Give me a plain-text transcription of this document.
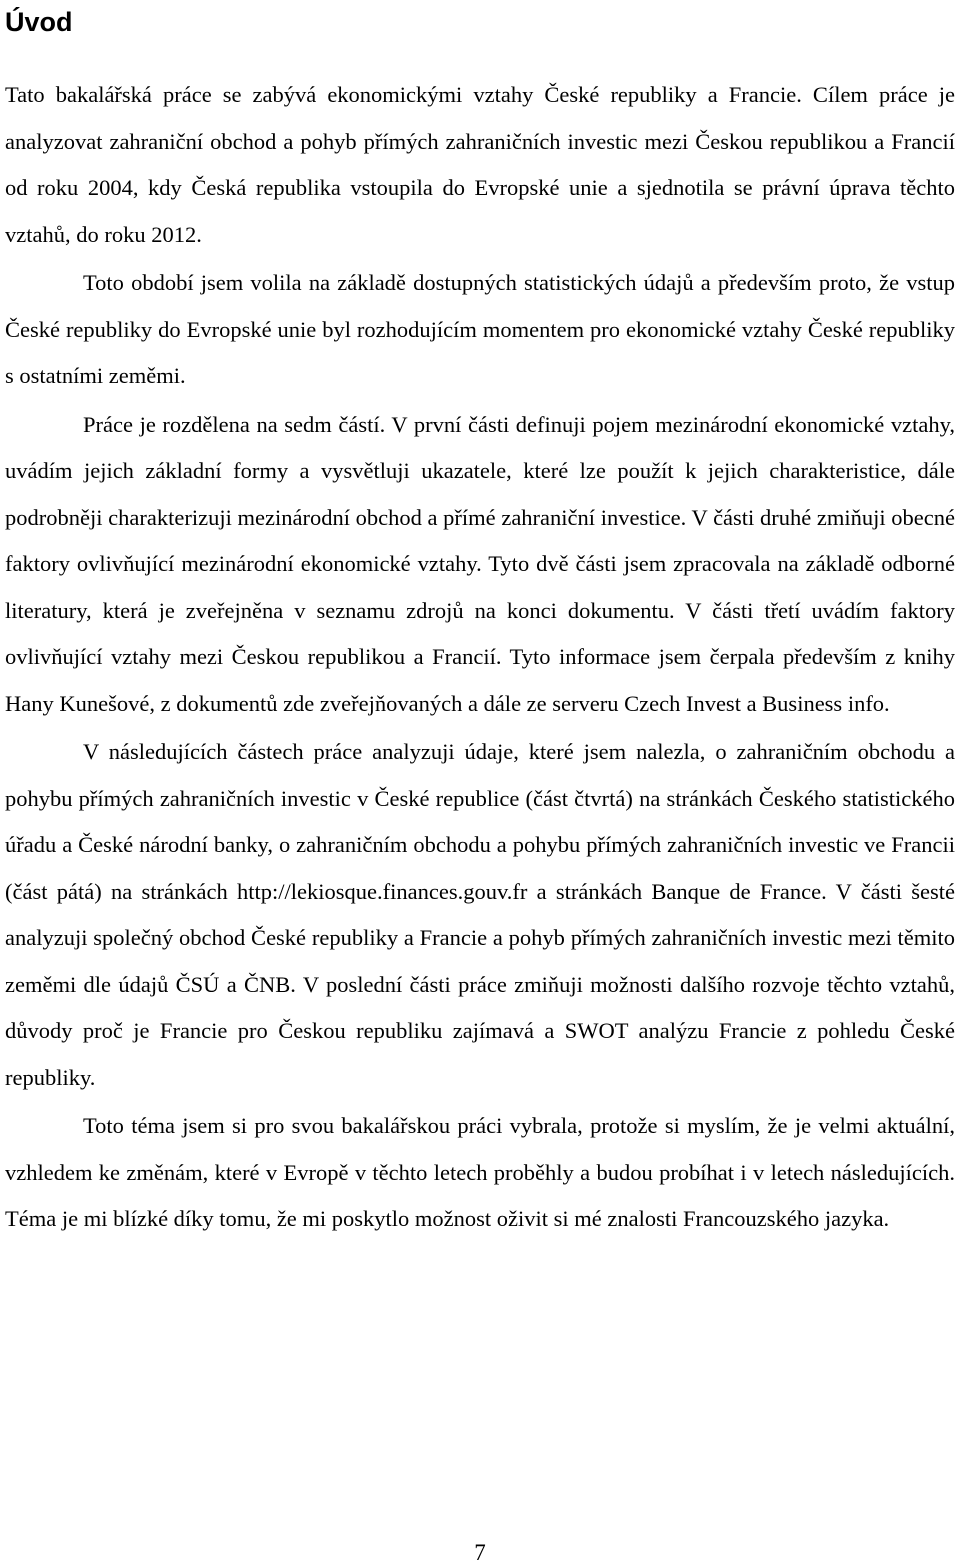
Úvod

Tato bakalářská práce se zabývá ekonomickými vztahy České republiky a Francie. Cílem práce je analyzovat zahraniční obchod a pohyb přímých zahraničních investic mezi Českou republikou a Francií od roku 2004, kdy Česká republika vstoupila do Evropské unie a sjednotila se právní úprava těchto vztahů, do roku 2012.

Toto období jsem volila na základě dostupných statistických údajů a především proto, že vstup České republiky do Evropské unie byl rozhodujícím momentem pro ekonomické vztahy České republiky s ostatními zeměmi.

Práce je rozdělena na sedm částí. V první části definuji pojem mezinárodní ekonomické vztahy, uvádím jejich základní formy a vysvětluji ukazatele, které lze použít k jejich charakteristice, dále podrobněji charakterizuji mezinárodní obchod a přímé zahraniční investice. V části druhé zmiňuji obecné faktory ovlivňující mezinárodní ekonomické vztahy. Tyto dvě části jsem zpracovala na základě odborné literatury, která je zveřejněna v seznamu zdrojů na konci dokumentu. V části třetí uvádím faktory ovlivňující vztahy mezi Českou republikou a Francií. Tyto informace jsem čerpala především z knihy Hany Kunešové, z dokumentů zde zveřejňovaných a dále ze serveru Czech Invest a Business info.

V následujících částech práce analyzuji údaje, které jsem nalezla, o zahraničním obchodu a pohybu přímých zahraničních investic v České republice (část čtvrtá) na stránkách Českého statistického úřadu a České národní banky, o zahraničním obchodu a pohybu přímých zahraničních investic ve Francii (část pátá) na stránkách http://lekiosque.finances.gouv.fr a stránkách Banque de France. V části šesté analyzuji společný obchod České republiky a Francie a pohyb přímých zahraničních investic mezi těmito zeměmi dle údajů ČSÚ a ČNB. V poslední části práce zmiňuji možnosti dalšího rozvoje těchto vztahů, důvody proč je Francie pro Českou republiku zajímavá a SWOT analýzu Francie z pohledu České republiky.

Toto téma jsem si pro svou bakalářskou práci vybrala, protože si myslím, že je velmi aktuální, vzhledem ke změnám, které v Evropě v těchto letech proběhly a budou probíhat i v letech následujících. Téma je mi blízké díky tomu, že mi poskytlo možnost oživit si mé znalosti Francouzského jazyka.

7
